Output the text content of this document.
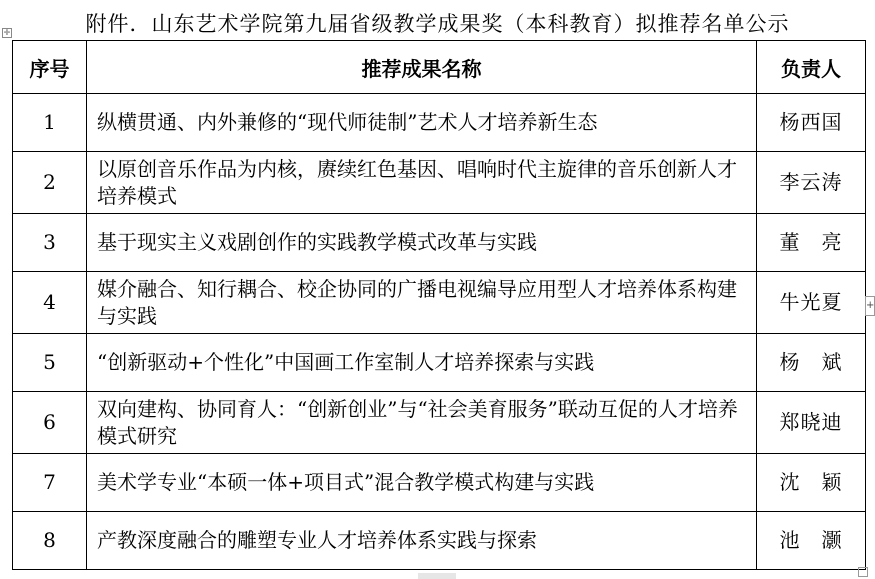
附件．山东艺术学院第九届省级教学成果奖（本科教育）拟推荐名单公示
✛
序号	推荐成果名称	负责人
1	纵横贯通、内外兼修的“现代师徒制”艺术人才培养新生态	杨西国
2	以原创音乐作品为内核，赓续红色基因、唱响时代主旋律的音乐创新人才培养模式	李云涛
3	基于现实主义戏剧创作的实践教学模式改革与实践	董　亮
4	媒介融合、知行耦合、校企协同的广播电视编导应用型人才培养体系构建与实践	牛光夏
5	“创新驱动+个性化”中国画工作室制人才培养探索与实践	杨　斌
6	双向建构、协同育人：“创新创业”与“社会美育服务”联动互促的人才培养模式研究	郑晓迪
7	美术学专业“本硕一体+项目式”混合教学模式构建与实践	沈　颖
8	产教深度融合的雕塑专业人才培养体系实践与探索	池　灏
+
